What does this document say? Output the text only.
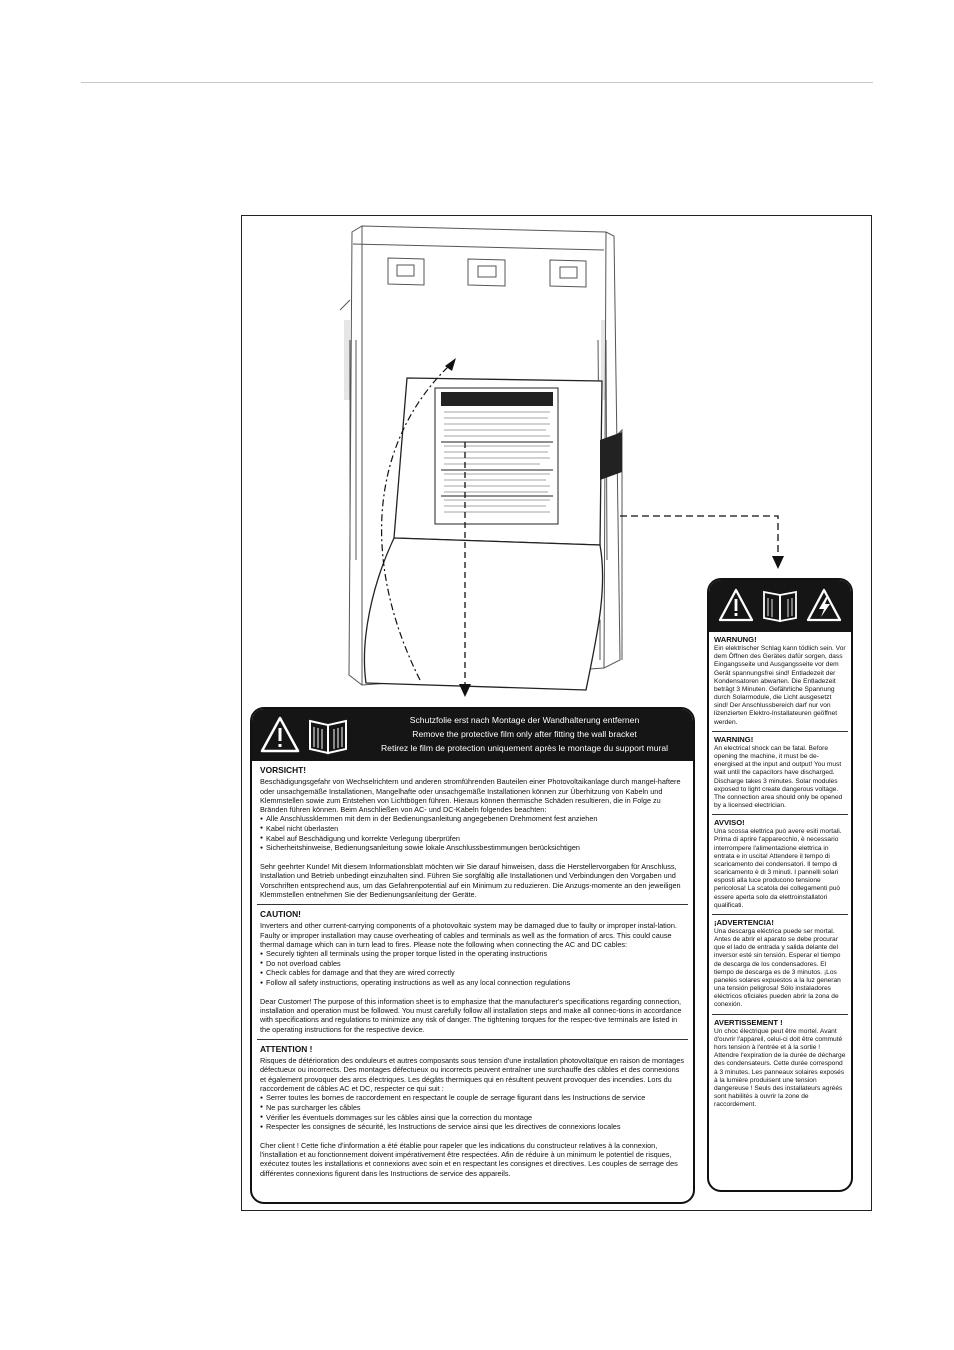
Schutzfolie erst nach Montage der Wandhalterung entfernen
Remove the protective film only after fitting the wall bracket
Retirez le film de protection uniquement après le montage du support mural
VORSICHT!

Beschädigungsgefahr von Wechselrichtern und anderen stromführenden Bauteilen einer Photovoltaikanlage durch mangel-haftere oder unsachgemäße Installationen, Mangelhafte oder unsachgemäße Installationen können zur Überhitzung von Kabeln und Klemmstellen sowie zum Entstehen von Lichtbögen führen. Hieraus können thermische Schäden resultieren, die in Folge zu Bränden führen können. Beim Anschließen von AC- und DC-Kabeln folgendes beachten:

● Alle Anschlussklemmen mit dem in der Bedienungsanleitung angegebenen Drehmoment fest anziehen
● Kabel nicht überlasten
● Kabel auf Beschädigung und korrekte Verlegung überprüfen
● Sicherheitshinweise, Bedienungsanleitung sowie lokale Anschlussbestimmungen berücksichtigen

Sehr geehrter Kunde! Mit diesem Informationsblatt möchten wir Sie darauf hinweisen, dass die Herstellervorgaben für Anschluss, Installation und Betrieb unbedingt einzuhalten sind. Führen Sie sorgfältig alle Installationen und Verbindungen den Vorgaben und Vorschriften entsprechend aus, um das Gefahrenpotential auf ein Minimum zu reduzieren. Die Anzugs-momente an den jeweiligen Klemmstellen entnehmen Sie der Bedienungsanleitung der Geräte.

CAUTION!

Inverters and other current-carrying components of a photovoltaic system may be damaged due to faulty or improper instal-lation. Faulty or improper installation may cause overheating of cables and terminals as well as the formation of arcs. This could cause thermal damage which can in turn lead to fires. Please note the following when connecting the AC and DC cables:

● Securely tighten all terminals using the proper torque listed in the operating instructions
● Do not overload cables
● Check cables for damage and that they are wired correctly
● Follow all safety instructions, operating instructions as well as any local connection regulations

Dear Customer! The purpose of this information sheet is to emphasize that the manufacturer's specifications regarding connection, installation and operation must be followed. You must carefully follow all installation steps and make all connec-tions in accordance with specifications and regulations to minimize any risk of danger. The tightening torques for the respec-tive terminals are listed in the operating instructions for the respective device.

ATTENTION !

Risques de détérioration des onduleurs et autres composants sous tension d'une installation photovoltaïque en raison de montages défectueux ou incorrects. Des montages défectueux ou incorrects peuvent entraîner une surchauffe des câbles et des connexions et également provoquer des arcs électriques. Les dégâts thermiques qui en résultent peuvent provoquer des incendies. Lors du raccordement de câbles AC et DC, respecter ce qui suit :

● Serrer toutes les bornes de raccordement en respectant le couple de serrage figurant dans les Instructions de service
● Ne pas surcharger les câbles
● Vérifier les éventuels dommages sur les câbles ainsi que la correction du montage
● Respecter les consignes de sécurité, les Instructions de service ainsi que les directives de connexions locales

Cher client ! Cette fiche d'information a été établie pour rapeler que les indications du constructeur relatives à la connexion, l'installation et au fonctionnement doivent impérativement être respectées. Afin de réduire à un minimum le potentiel de risques, exécutez toutes les installations et connexions avec soin et en respectant les consignes et directives. Les couples de serrage des différentes connexions figurent dans les Instructions de service des appareils.

WARNUNG!

Ein elektrischer Schlag kann tödlich sein. Vor dem Öffnen des Gerätes dafür sorgen, dass Eingangsseite und Ausgangsseite vor dem Gerät spannungsfrei sind! Entladezeit der Kondensatoren abwarten. Die Entladezeit beträgt 3 Minuten. Gefährliche Spannung durch Solarmodule, die Licht ausgesetzt sind! Der Anschlussbereich darf nur von lizenzierten Elektro-Installateuren geöffnet werden.

WARNING!

An electrical shock can be fatal. Before opening the machine, it must be de-energised at the input and output! You must wait until the capacitors have discharged. Discharge takes 3 minutes. Solar modules exposed to light create dangerous voltage. The connection area should only be opened by a licensed electrician.

AVVISO!

Una scossa elettrica può avere esiti mortali. Prima di aprire l'apparecchio, è necessario interrompere l'alimentazione elettrica in entrata e in uscita! Attendere il tempo di scaricamento dei condensatori. Il tempo di scaricamento è di 3 minuti. I pannelli solari esposti alla luce producono tensione pericolosa! La scatola dei collegamenti può essere aperta solo da elettroinstallatori qualificati.

¡ADVERTENCIA!

Una descarga eléctrica puede ser mortal. Antes de abrir el aparato se debe procurar que el lado de entrada y salida delante del inversor esté sin tensión. Esperar el tiempo de descarga de los condensadores. El tiempo de descarga es de 3 minutos. ¡Los paneles solares expuestos a la luz generan una tensión peligrosa! Sólo instaladores eléctricos oficiales pueden abrir la zona de conexión.

AVERTISSEMENT !

Un choc électrique peut être mortel. Avant d'ouvrir l'appareil, celui-ci doit être commuté hors tension à l'entrée et à la sortie ! Attendre l'expiration de la durée de décharge des condensateurs. Cette durée correspond à 3 minutes. Les panneaux solaires exposés à la lumière produisent une tension dangereuse ! Seuls des installateurs agréés sont habilités à ouvrir la zone de raccordement.
